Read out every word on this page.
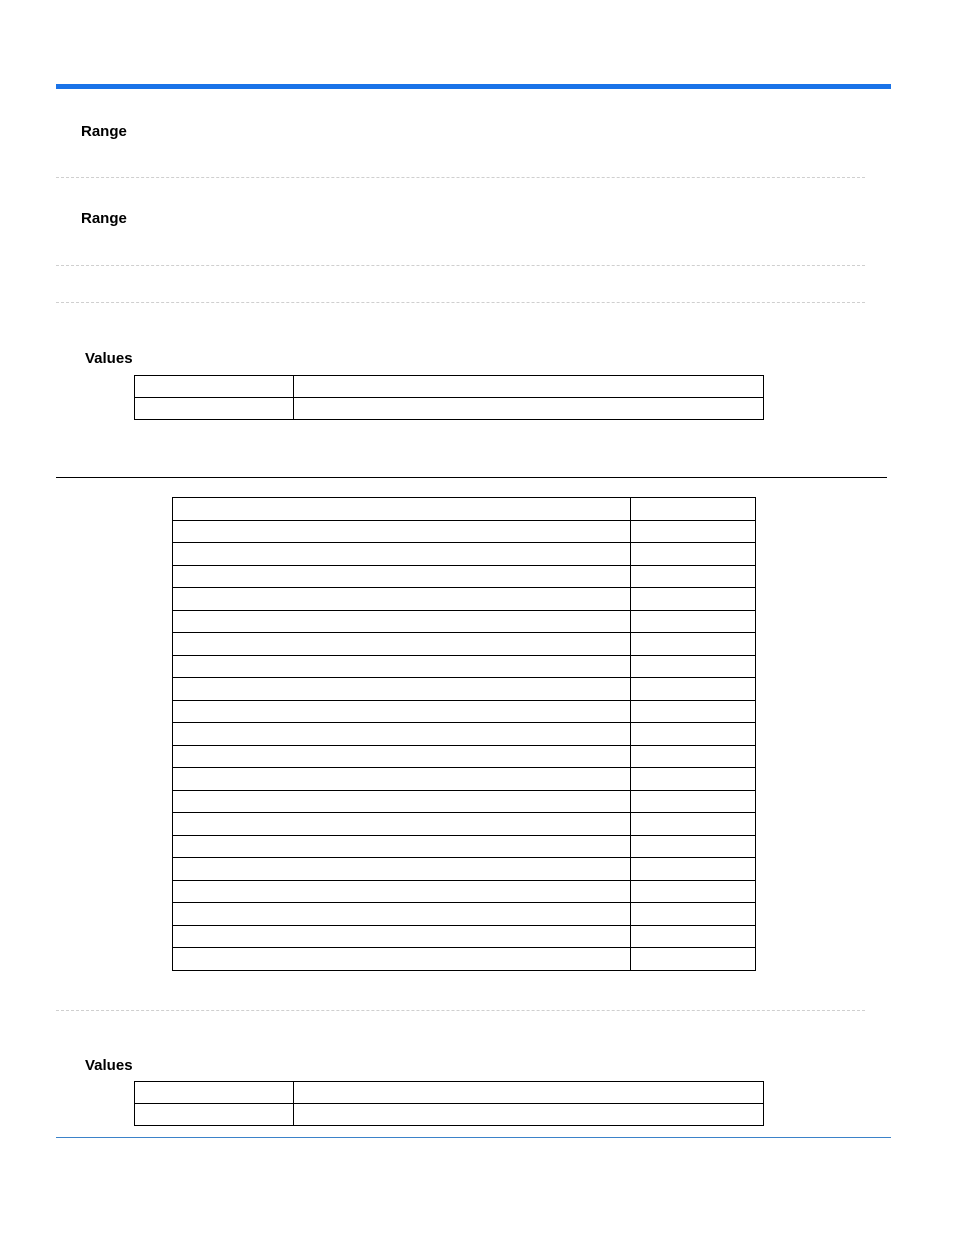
Range
Range
Values

Values
